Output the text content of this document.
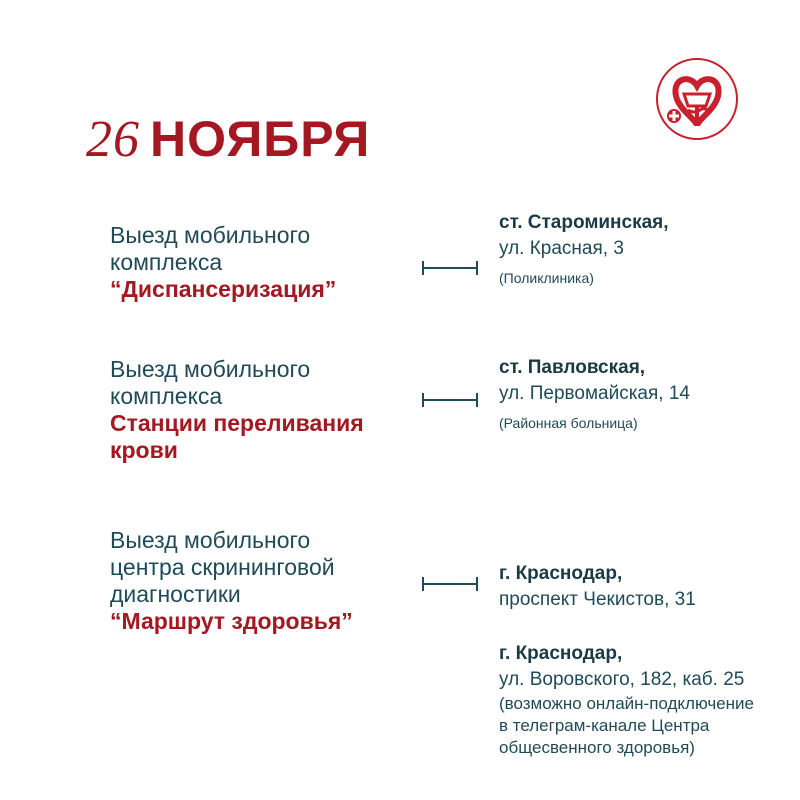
26 НОЯБРЯ
Выезд мобильного
комплекса
“Диспансеризация”
ст. Староминская,
ул. Красная, 3
(Поликлиника)
Выезд мобильного
комплекса
Станции переливания
крови
ст. Павловская,
ул. Первомайская, 14
(Районная больница)
Выезд мобильного
центра скрининговой
диагностики
“Маршрут здоровья”
г. Краснодар,
проспект Чекистов, 31
г. Краснодар,
ул. Воровского, 182, каб. 25
(возможно онлайн-подключение
в телеграм-канале Центра
общесвенного здоровья)
